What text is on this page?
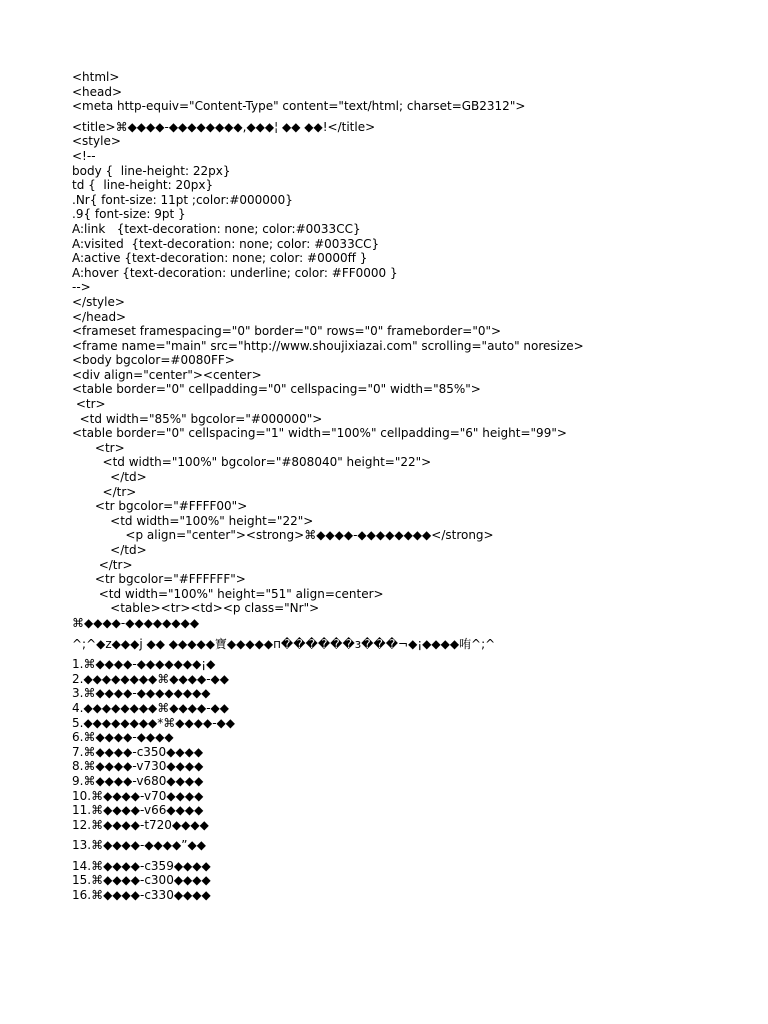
<html>
<head>
<meta http-equiv="Content-Type" content="text/html; charset=GB2312">
<title>⌘◆◆◆◆-◆◆◆◆◆◆◆◆,◆◆◆¦ ◆◆ ◆◆!</title>
<style>
<!--
body {  line-height: 22px}
td {  line-height: 20px}
.Nr{ font-size: 11pt ;color:#000000}
.9{ font-size: 9pt }
A:link   {text-decoration: none; color:#0033CC}
A:visited  {text-decoration: none; color: #0033CC}
A:active {text-decoration: none; color: #0000ff }
A:hover {text-decoration: underline; color: #FF0000 }
-->
</style>
</head>
<frameset framespacing="0" border="0" rows="0" frameborder="0">
<frame name="main" src="http://www.shoujixiazai.com" scrolling="auto" noresize>
<body bgcolor=#0080FF>
<div align="center"><center>
<table border="0" cellpadding="0" cellspacing="0" width="85%">
<tr>
<td width="85%" bgcolor="#000000">
<table border="0" cellspacing="1" width="100%" cellpadding="6" height="99">
<tr>
<td width="100%" bgcolor="#808040" height="22">
</td>
</tr>
<tr bgcolor="#FFFF00">
<td width="100%" height="22">
<p align="center"><strong>⌘◆◆◆◆-◆◆◆◆◆◆◆◆</strong>
</td>
</tr>
<tr bgcolor="#FFFFFF">
<td width="100%" height="51" align=center>
<table><tr><td><p class="Nr">
⌘◆◆◆◆-◆◆◆◆◆◆◆◆
^;^◆z◆◆◆j ◆◆ ◆◆◆◆◆寶◆◆◆◆◆п������з���¬◆¡◆◆◆◆哊^;^
1.⌘◆◆◆◆-◆◆◆◆◆◆◆¡◆
2.◆◆◆◆◆◆◆◆⌘◆◆◆◆-◆◆
3.⌘◆◆◆◆-◆◆◆◆◆◆◆◆
4.◆◆◆◆◆◆◆◆⌘◆◆◆◆-◆◆
5.◆◆◆◆◆◆◆◆*⌘◆◆◆◆-◆◆
6.⌘◆◆◆◆-◆◆◆◆
7.⌘◆◆◆◆-c350◆◆◆◆
8.⌘◆◆◆◆-v730◆◆◆◆
9.⌘◆◆◆◆-v680◆◆◆◆
10.⌘◆◆◆◆-v70◆◆◆◆
11.⌘◆◆◆◆-v66◆◆◆◆
12.⌘◆◆◆◆-t720◆◆◆◆
13.⌘◆◆◆◆-◆◆◆◆”◆◆
14.⌘◆◆◆◆-c359◆◆◆◆
15.⌘◆◆◆◆-c300◆◆◆◆
16.⌘◆◆◆◆-c330◆◆◆◆
